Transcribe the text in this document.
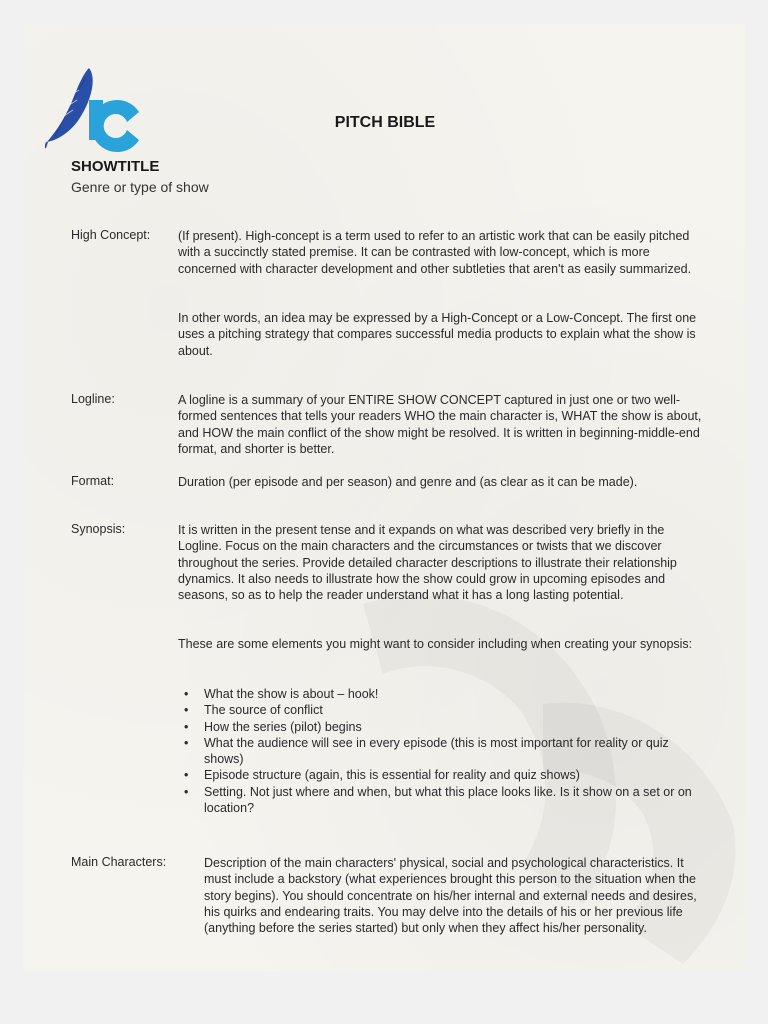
PITCH BIBLE
SHOWTITLE
Genre or type of show
High Concept: (If present). High-concept is a term used to refer to an artistic work that can be easily pitched with a succinctly stated premise. It can be contrasted with low-concept, which is more concerned with character development and other subtleties that aren't as easily summarized.

In other words, an idea may be expressed by a High-Concept or a Low-Concept. The first one uses a pitching strategy that compares successful media products to explain what the show is about.

Logline:	A logline is a summary of your ENTIRE SHOW CONCEPT captured in just one or two well-formed sentences that tells your readers WHO the main character is, WHAT the show is about, and HOW the main conflict of the show might be resolved. It is written in beginning-middle-end format, and shorter is better.

Format:	Duration (per episode and per season) and genre and (as clear as it can be made).

Synopsis:	It is written in the present tense and it expands on what was described very briefly in the Logline. Focus on the main characters and the circumstances or twists that we discover throughout the series. Provide detailed character descriptions to illustrate their relationship dynamics. It also needs to illustrate how the show could grow in upcoming episodes and seasons, so as to help the reader understand what it has a long lasting potential.

These are some elements you might want to consider including when creating your synopsis:

• What the show is about – hook!
• The source of conflict
• How the series (pilot) begins
• What the audience will see in every episode (this is most important for reality or quiz shows)
• Episode structure (again, this is essential for reality and quiz shows)
• Setting. Not just where and when, but what this place looks like. Is it show on a set or on location?
Main Characters:	Description of the main characters' physical, social and psychological characteristics. It must include a backstory (what experiences brought this person to the situation when the story begins). You should concentrate on his/her internal and external needs and desires, his quirks and endearing traits. You may delve into the details of his or her previous life (anything before the series started) but only when they affect his/her personality.
